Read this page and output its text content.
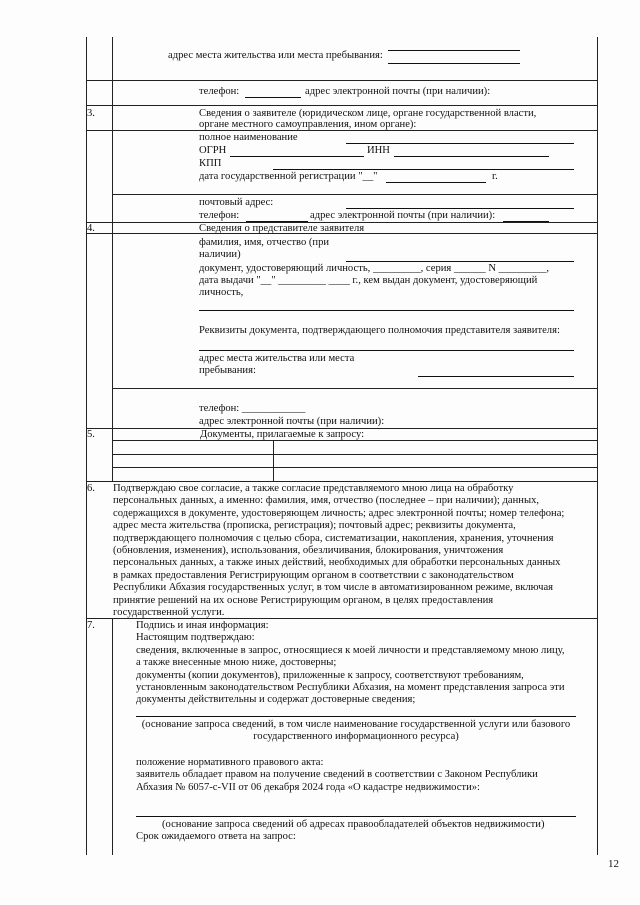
адрес места жительства или места пребывания:
телефон:	адрес электронной почты (при наличии):
3.	Сведения о заявителе (юридическом лице, органе государственной власти,
органе местного самоуправления, ином органе):
полное наименование
ОГРН	ИНН
КПП
дата государственной регистрации "__"	г.
почтовый адрес:
телефон:	адрес электронной почты (при наличии):
4.	Сведения о представителе заявителя
фамилия, имя, отчество (при
наличии)
документ, удостоверяющий личность, _________, серия ______ N _________,
дата выдачи "__" _________ ____ г., кем выдан документ, удостоверяющий
личность,
Реквизиты документа, подтверждающего полномочия представителя заявителя:
адрес места жительства или места
пребывания:
телефон: ____________
адрес электронной почты (при наличии):
5.	Документы, прилагаемые к запросу:
6. Подтверждаю свое согласие, а также согласие представляемого мною лица на обработку
персональных данных, а именно: фамилия, имя, отчество (последнее – при наличии); данных,
содержащихся в документе, удостоверяющем личность; адрес электронной почты; номер телефона;
адрес места жительства (прописка, регистрация); почтовый адрес; реквизиты документа,
подтверждающего полномочия с целью сбора, систематизации, накопления, хранения, уточнения
(обновления, изменения), использования, обезличивания, блокирования, уничтожения
персональных данных, а также иных действий, необходимых для обработки персональных данных
в рамках предоставления Регистрирующим органом в соответствии с законодательством
Республики Абхазия государственных услуг, в том числе в автоматизированном режиме, включая
принятие решений на их основе Регистрирующим органом, в целях предоставления
государственной услуги.
7.	Подпись и иная информация:
Настоящим подтверждаю:
сведения, включенные в запрос, относящиеся к моей личности и представляемому мною лицу,
а также внесенные мною ниже, достоверны;
документы (копии документов), приложенные к запросу, соответствуют требованиям,
установленным законодательством Республики Абхазия, на момент представления запроса эти
документы действительны и содержат достоверные сведения;
(основание запроса сведений, в том числе наименование государственной услуги или базового
государственного информационного ресурса)
положение нормативного правового акта:
заявитель обладает правом на получение сведений в соответствии с Законом Республики
Абхазия № 6057-с-VII от 06 декабря 2024 года «О кадастре недвижимости»:
(основание запроса сведений об адресах правообладателей объектов недвижимости)
Срок ожидаемого ответа на запрос:
12
